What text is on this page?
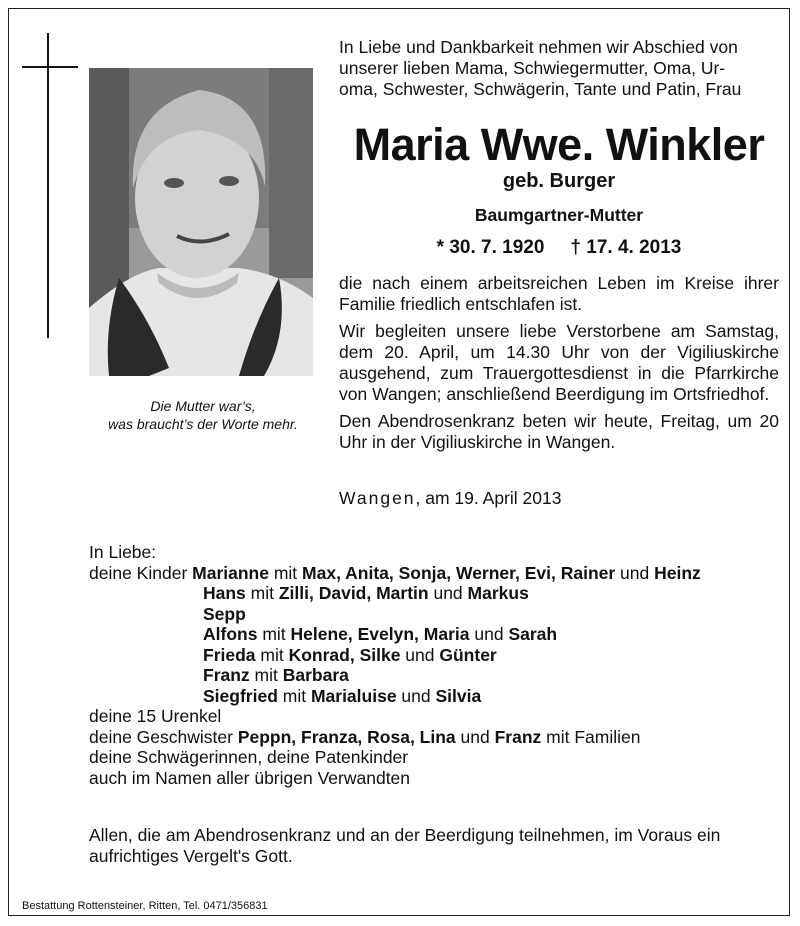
Die Mutter war’s,
was braucht’s der Worte mehr.
In Liebe und Dankbarkeit nehmen wir Abschied von
unserer lieben Mama, Schwiegermutter, Oma, Ur-
oma, Schwester, Schwägerin, Tante und Patin, Frau
Maria Wwe. Winkler
geb. Burger
Baumgartner-Mutter
* 30. 7. 1920 † 17. 4. 2013

die nach einem arbeitsreichen Leben im Kreise ihrer Familie friedlich entschlafen ist.

Wir begleiten unsere liebe Verstorbene am Samstag, dem 20. April, um 14.30 Uhr von der Vigiliuskirche ausgehend, zum Trauergottesdienst in die Pfarrkirche von Wangen; anschließend Beerdigung im Ortsfriedhof.

Den Abendrosenkranz beten wir heute, Freitag, um 20 Uhr in der Vigiliuskirche in Wangen.

Wangen, am 19. April 2013
In Liebe:
deine Kinder Marianne mit Max, Anita, Sonja, Werner, Evi, Rainer und Heinz
Hans mit Zilli, David, Martin und Markus
Sepp
Alfons mit Helene, Evelyn, Maria und Sarah
Frieda mit Konrad, Silke und Günter
Franz mit Barbara
Siegfried mit Marialuise und Silvia
deine 15 Urenkel
deine Geschwister Peppn, Franza, Rosa, Lina und Franz mit Familien
deine Schwägerinnen, deine Patenkinder
auch im Namen aller übrigen Verwandten
Allen, die am Abendrosenkranz und an der Beerdigung teilnehmen, im Voraus ein aufrichtiges Vergelt's Gott.
Bestattung Rottensteiner, Ritten, Tel. 0471/356831
